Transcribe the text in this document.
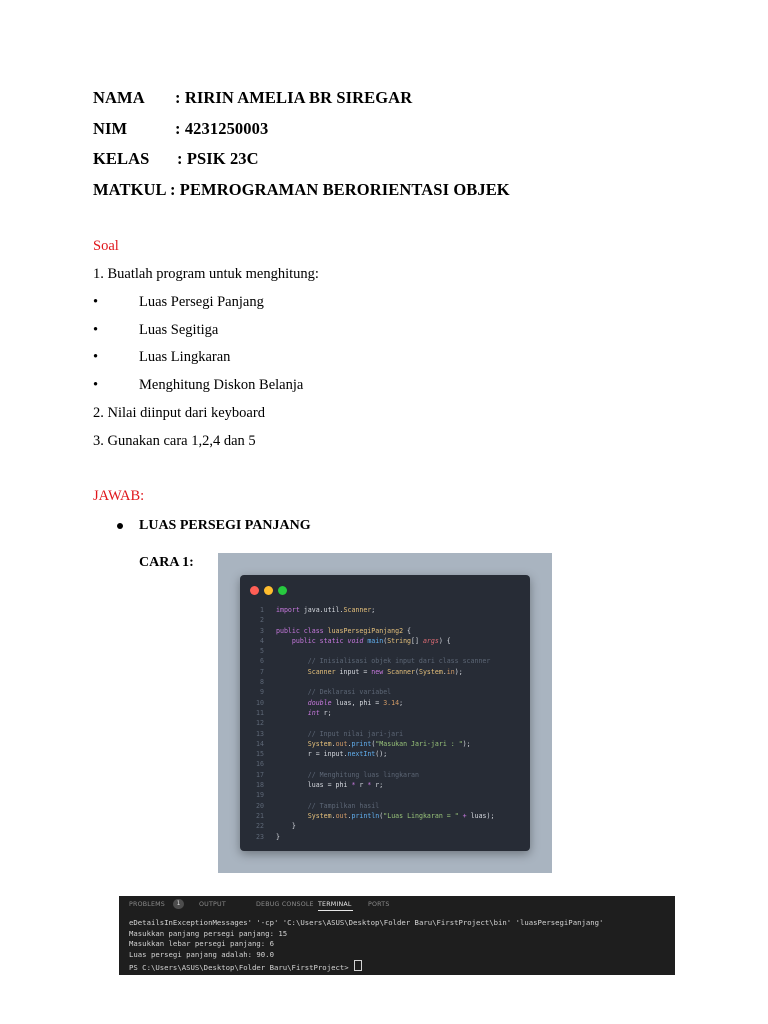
NAMA : RIRIN AMELIA BR SIREGAR
NIM	: 4231250003
KELAS : PSIK 23C
MATKUL : PEMROGRAMAN BERORIENTASI OBJEK
Soal
1. Buatlah program untuk menghitung:
•	Luas Persegi Panjang
•	Luas Segitiga
•	Luas Lingkaran
•	Menghitung Diskon Belanja
2. Nilai diinput dari keyboard
3. Gunakan cara 1,2,4 dan 5
JAWAB:
LUAS PERSEGI PANJANG
CARA 1:
1 import java.util.Scanner;
2
3 public class luasPersegiPanjang2 {
4	public static void main(String[] args) {
5
6	// Inisialisasi objek input dari class scanner
7	Scanner input = new Scanner(System.in);
8
9	// Deklarasi variabel
10	double luas, phi = 3.14;
11	int r;
12
13	// Input nilai jari-jari
14	System.out.print("Masukan Jari-jari : ");
15	r = input.nextInt();
16
17	// Menghitung luas lingkaran
18	luas = phi * r * r;
19
20	// Tampilkan hasil
21	System.out.println("Luas Lingkaran = " + luas);
22	}
23 }
PROBLEMS	1	OUTPUT	DEBUG CONSOLE TERMINAL	PORTS
eDetailsInExceptionMessages' '-cp' 'C:\Users\ASUS\Desktop\Folder Baru\FirstProject\bin' 'luasPersegiPanjang'
Masukkan panjang persegi panjang: 15
Masukkan lebar persegi panjang: 6
Luas persegi panjang adalah: 90.0
PS C:\Users\ASUS\Desktop\Folder Baru\FirstProject>
